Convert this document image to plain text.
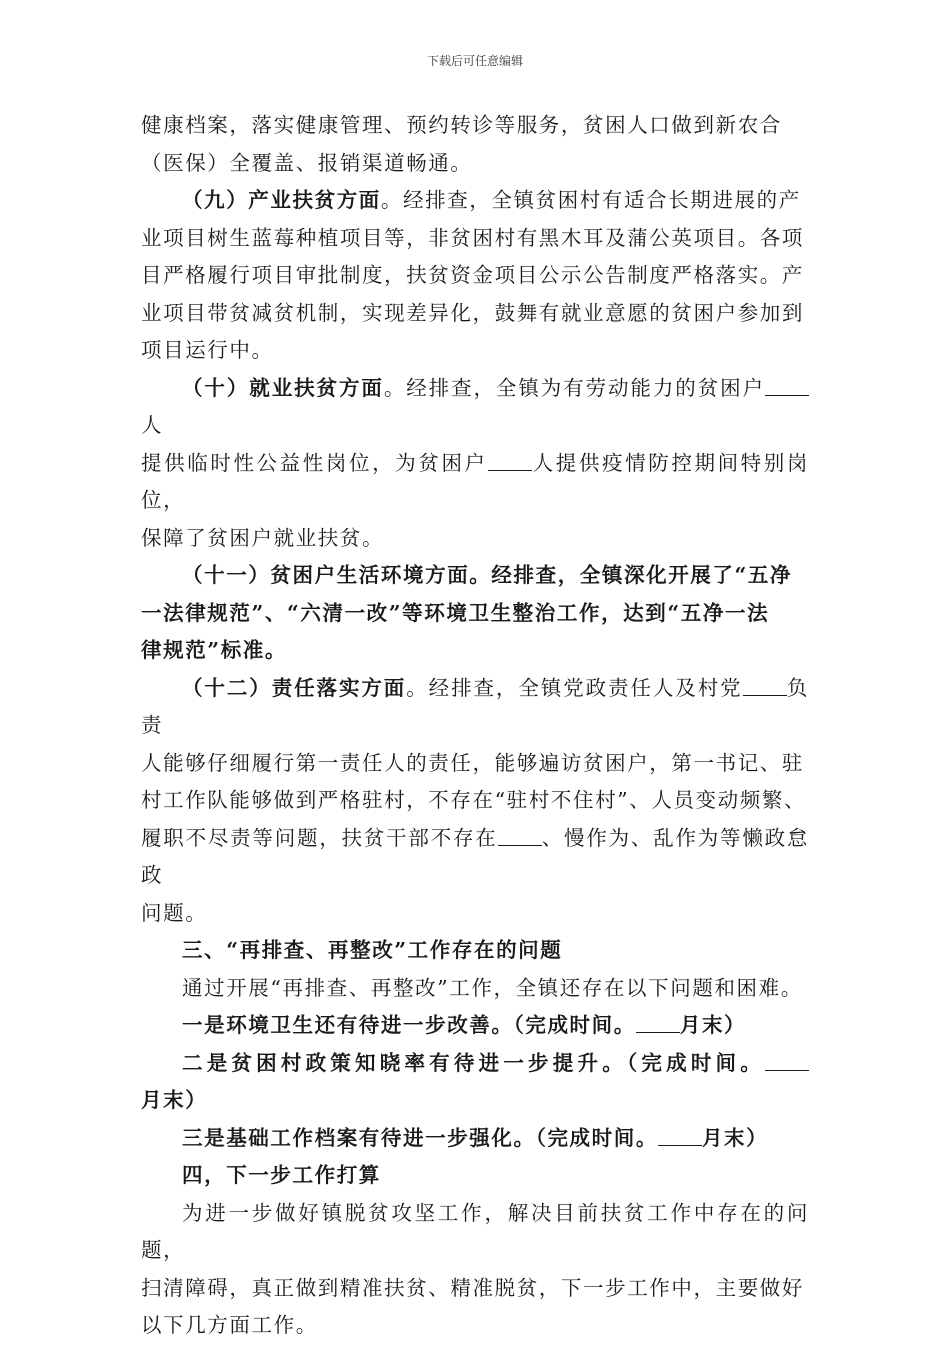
下载后可任意编辑

健康档案，落实健康管理、预约转诊等服务，贫困人口做到新农合
（医保）全覆盖、报销渠道畅通。

（九）产业扶贫方面。经排查，全镇贫困村有适合长期进展的产
业项目树生蓝莓种植项目等，非贫困村有黑木耳及蒲公英项目。各项
目严格履行项目审批制度，扶贫资金项目公示公告制度严格落实。产
业项目带贫减贫机制，实现差异化，鼓舞有就业意愿的贫困户参加到
项目运行中。

（十）就业扶贫方面。经排查，全镇为有劳动能力的贫困户人
提供临时性公益性岗位，为贫困户 人提供疫情防控期间特别岗位，
保障了贫困户就业扶贫。

（十一）贫困户生活环境方面。经排查，全镇深化开展了“五净
一法律规范”、“六清一改”等环境卫生整治工作，达到“五净一法
律规范”标准。

（十二）责任落实方面。经排查，全镇党政责任人及村党 负责
人能够仔细履行第一责任人的责任，能够遍访贫困户，第一书记、驻
村工作队能够做到严格驻村，不存在“驻村不住村”、人员变动频繁、
履职不尽责等问题，扶贫干部不存在 、慢作为、乱作为等懒政怠政
问题。

三、“再排查、再整改”工作存在的问题

通过开展“再排查、再整改”工作，全镇还存在以下问题和困难。

一是环境卫生还有待进一步改善。（完成时间。 月末）

二是贫困村政策知晓率有待进一步提升。（完成时间。月末）

三是基础工作档案有待进一步强化。（完成时间。 月末）

四，下一步工作打算

为进一步做好镇脱贫攻坚工作，解决目前扶贫工作中存在的问题，
扫清障碍，真正做到精准扶贫、精准脱贫，下一步工作中，主要做好
以下几方面工作。
